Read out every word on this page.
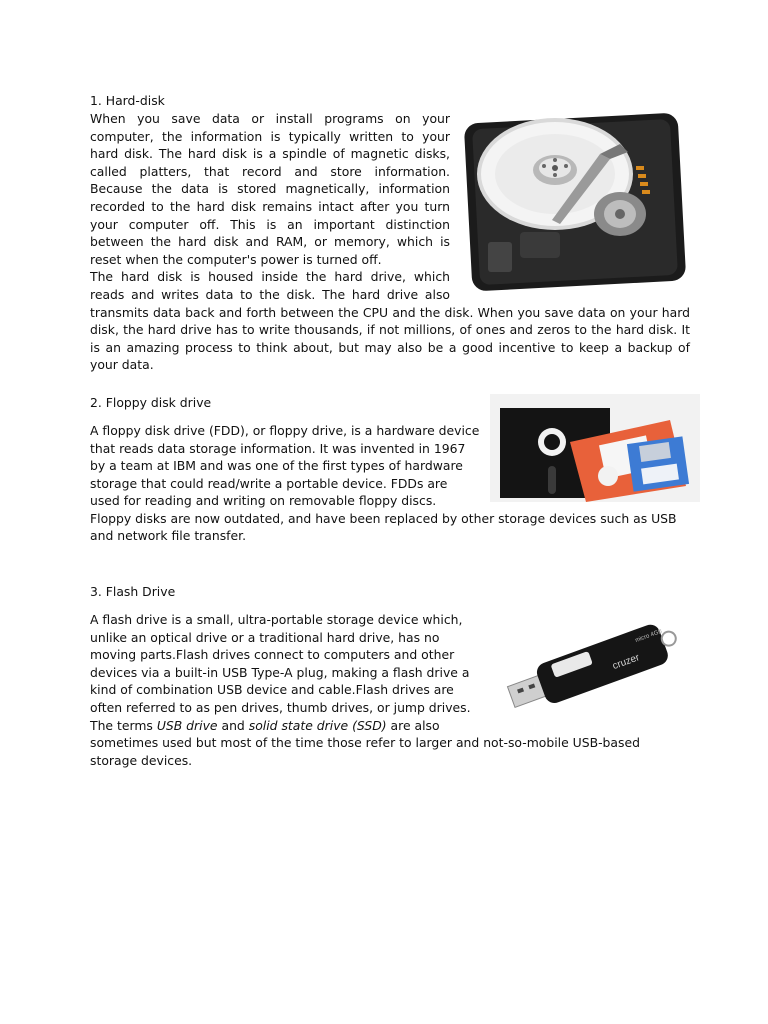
1. Hard-disk

When you save data or install programs on your computer, the information is typically written to your hard disk. The hard disk is a spindle of magnetic disks, called platters, that record and store information. Because the data is stored magnetically, information recorded to the hard disk remains intact after you turn your computer off. This is an important distinction between the hard disk and RAM, or memory, which is reset when the computer's power is turned off.

The hard disk is housed inside the hard drive, which reads and writes data to the disk. The hard drive also transmits data back and forth between the CPU and the disk. When you save data on your hard disk, the hard drive has to write thousands, if not millions, of ones and zeros to the hard disk. It is an amazing process to think about, but may also be a good incentive to keep a backup of your data.

2. Floppy disk drive

A floppy disk drive (FDD), or floppy drive, is a hardware device that reads data storage information. It was invented in 1967 by a team at IBM and was one of the first types of hardware storage that could read/write a portable device. FDDs are used for reading and writing on removable floppy discs. Floppy disks are now outdated, and have been replaced by other storage devices such as USB and network file transfer.

3. Flash Drive

cruzer
micro 4GB

A flash drive is a small, ultra-portable storage device which, unlike an optical drive or a traditional hard drive, has no moving parts.Flash drives connect to computers and other devices via a built-in USB Type-A plug, making a flash drive a kind of combination USB device and cable.Flash drives are often referred to as pen drives, thumb drives, or jump drives. The terms USB drive and solid state drive (SSD) are also sometimes used but most of the time those refer to larger and not-so-mobile USB-based storage devices.
